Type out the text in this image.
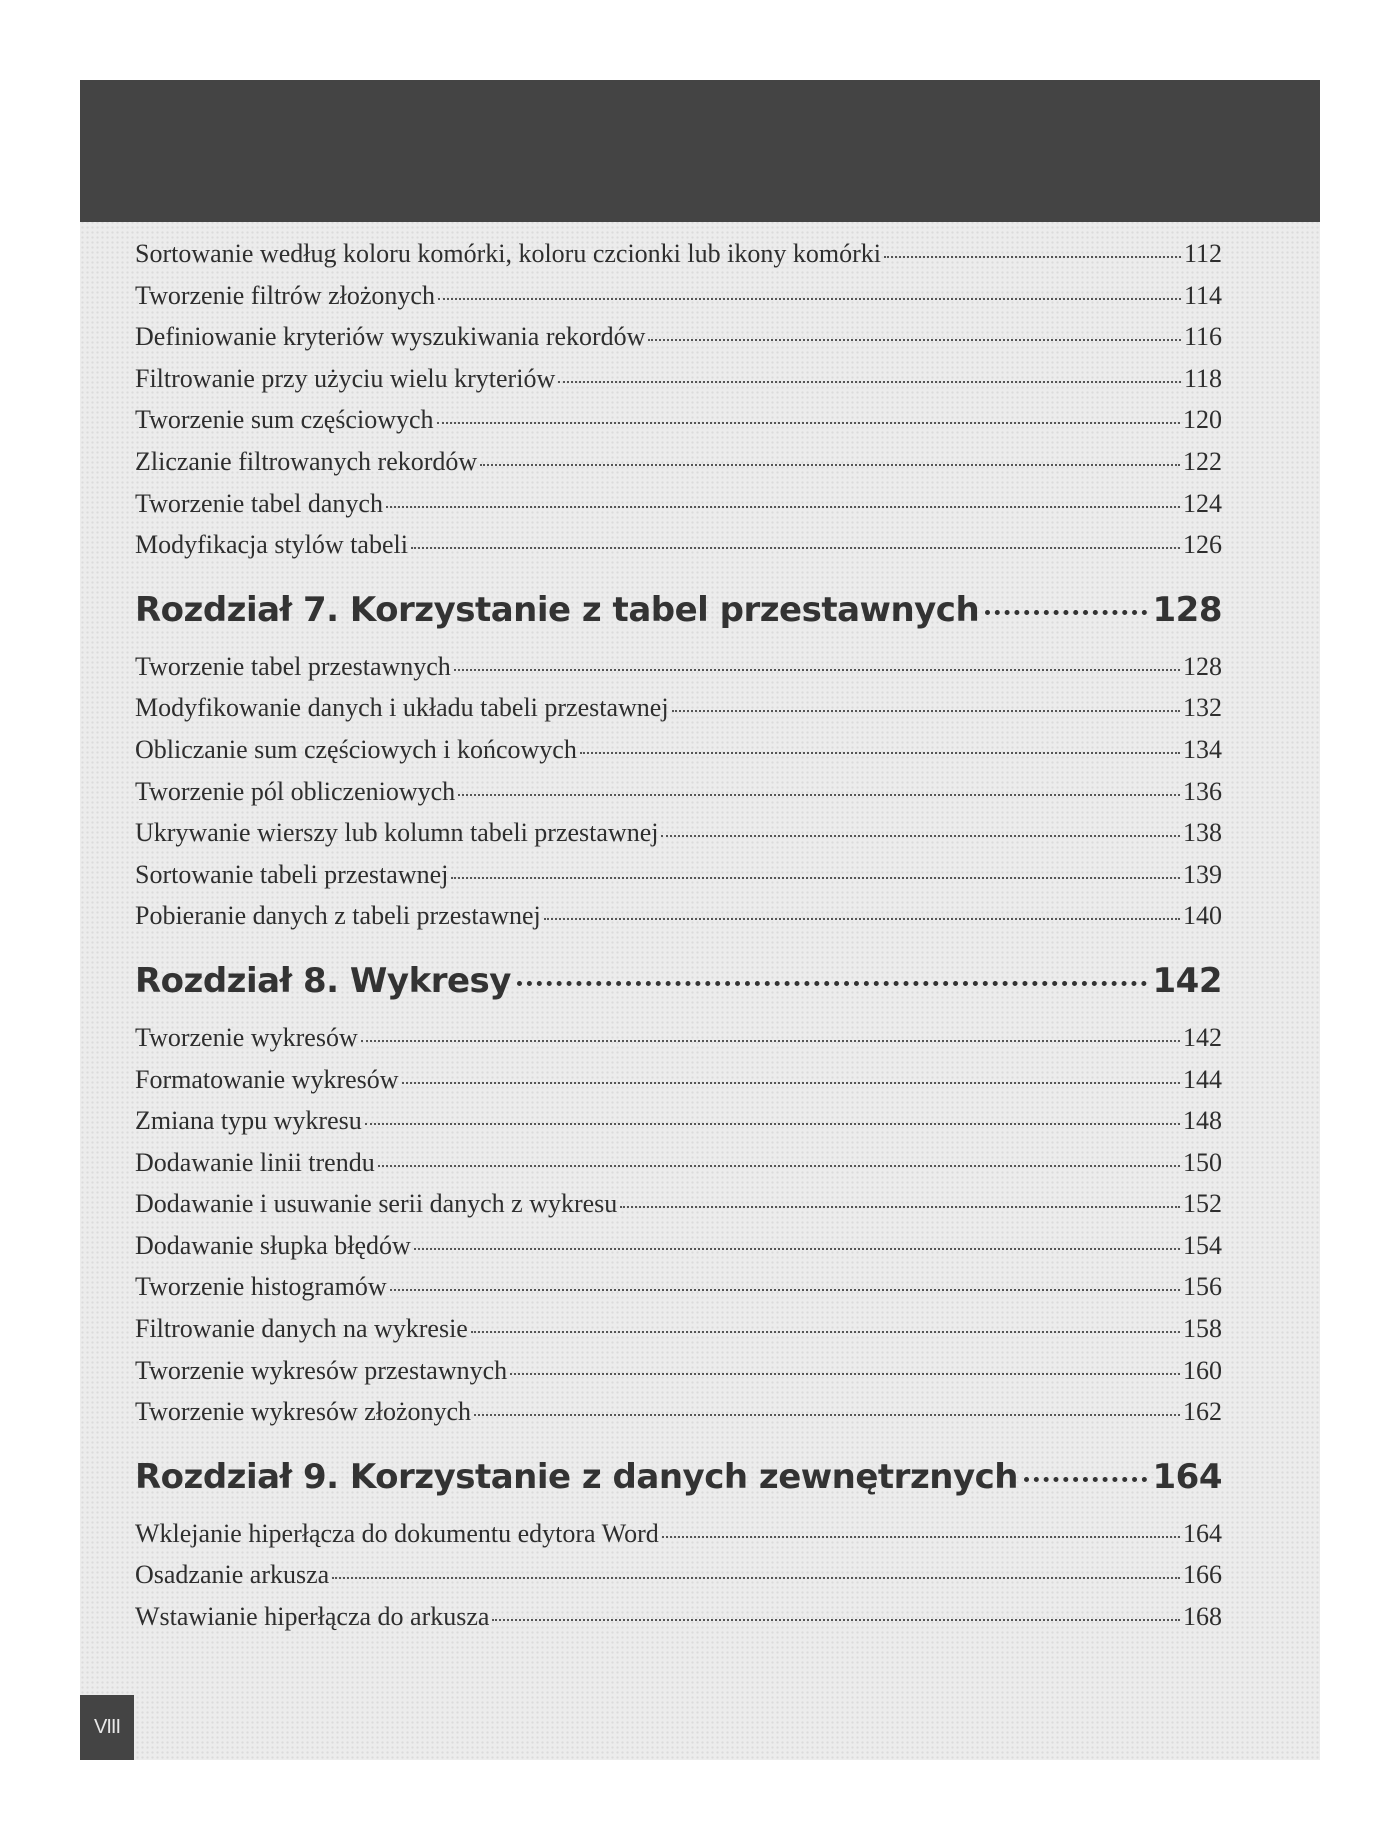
Sortowanie według koloru komórki, koloru czcionki lub ikony komórki	112
Tworzenie filtrów złożonych	114
Definiowanie kryteriów wyszukiwania rekordów	116
Filtrowanie przy użyciu wielu kryteriów	118
Tworzenie sum częściowych	120
Zliczanie filtrowanych rekordów	122
Tworzenie tabel danych	124
Modyfikacja stylów tabeli	126
Rozdział 7. Korzystanie z tabel przestawnych	128
Tworzenie tabel przestawnych	128
Modyfikowanie danych i układu tabeli przestawnej	132
Obliczanie sum częściowych i końcowych	134
Tworzenie pól obliczeniowych	136
Ukrywanie wierszy lub kolumn tabeli przestawnej	138
Sortowanie tabeli przestawnej	139
Pobieranie danych z tabeli przestawnej	140
Rozdział 8. Wykresy	142
Tworzenie wykresów	142
Formatowanie wykresów	144
Zmiana typu wykresu	148
Dodawanie linii trendu	150
Dodawanie i usuwanie serii danych z wykresu	152
Dodawanie słupka błędów	154
Tworzenie histogramów	156
Filtrowanie danych na wykresie	158
Tworzenie wykresów przestawnych	160
Tworzenie wykresów złożonych	162
Rozdział 9. Korzystanie z danych zewnętrznych	164
Wklejanie hiperłącza do dokumentu edytora Word	164
Osadzanie arkusza	166
Wstawianie hiperłącza do arkusza	168
VIII
